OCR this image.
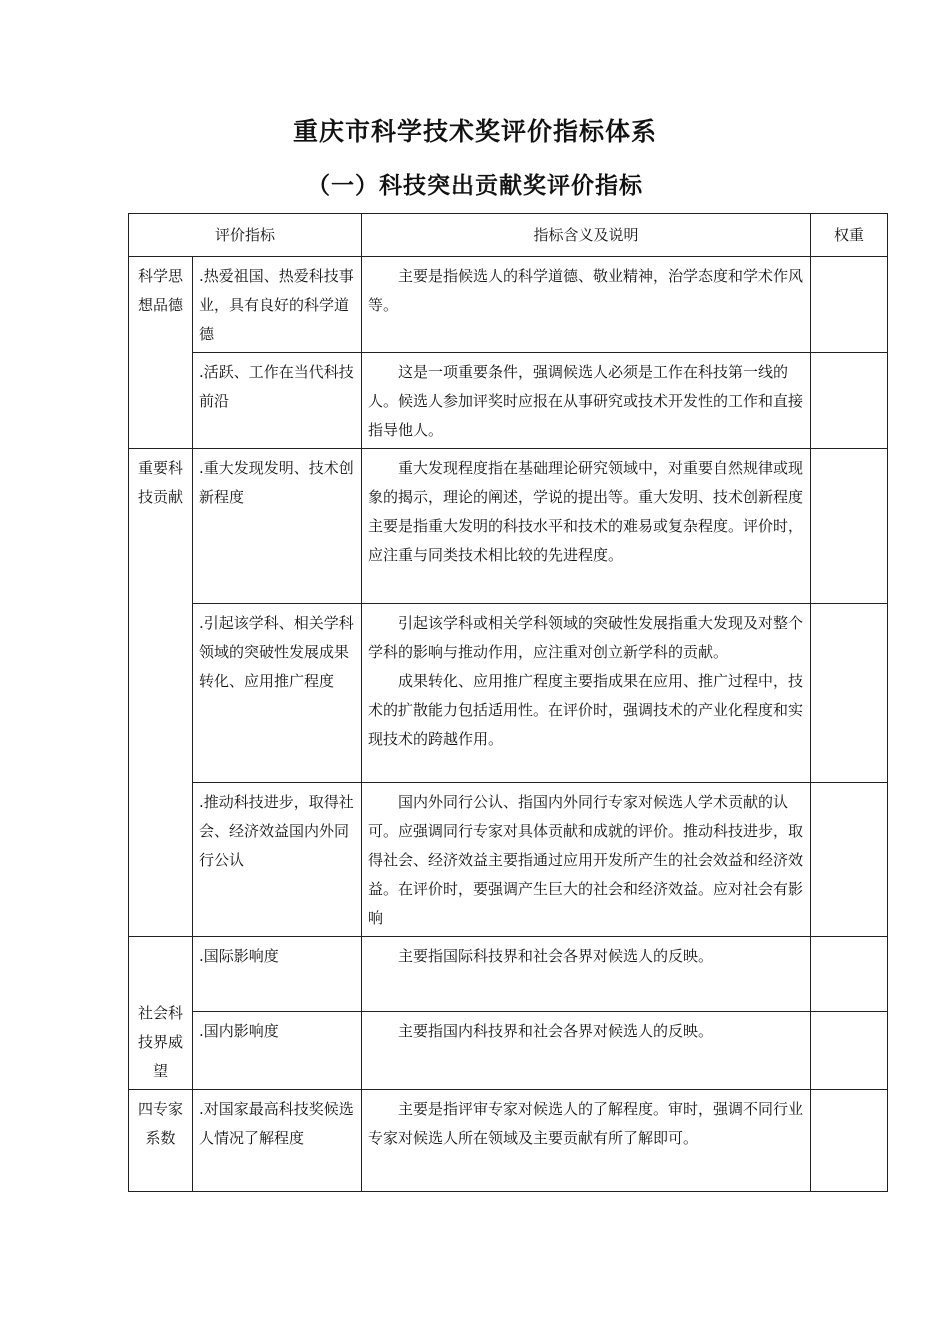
重庆市科学技术奖评价指标体系
（一）科技突出贡献奖评价指标
评价指标		指标含义及说明	权重
科学思想品德	.热爱祖国、热爱科技事业，具有良好的科学道德	主要是指候选人的科学道德、敬业精神，治学态度和学术作风等。	

	.活跃、工作在当代科技前沿	这是一项重要条件，强调候选人必须是工作在科技第一线的人。候选人参加评奖时应报在从事研究或技术开发性的工作和直接指导他人。	

重要科技贡献	.重大发现发明、技术创新程度	重大发现程度指在基础理论研究领域中，对重要自然规律或现象的揭示，理论的阐述，学说的提出等。重大发明、技术创新程度主要是指重大发明的科技水平和技术的难易或复杂程度。评价时，应注重与同类技术相比较的先进程度。	

	.引起该学科、相关学科领域的突破性发展成果转化、应用推广程度	引起该学科或相关学科领域的突破性发展指重大发现及对整个学科的影响与推动作用，应注重对创立新学科的贡献。

成果转化、应用推广程度主要指成果在应用、推广过程中，技术的扩散能力包括适用性。在评价时，强调技术的产业化程度和实现技术的跨越作用。	

	.推动科技进步，取得社会、经济效益国内外同行公认	国内外同行公认、指国内外同行专家对候选人学术贡献的认可。应强调同行专家对具体贡献和成就的评价。推动科技进步，取得社会、经济效益主要指通过应用开发所产生的社会效益和经济效益。在评价时，要强调产生巨大的社会和经济效益。应对社会有影响	

社会科技界威望	.国际影响度	主要指国际科技界和社会各界对候选人的反映。	

	.国内影响度	主要指国内科技界和社会各界对候选人的反映。	

四专家系数	.对国家最高科技奖候选人情况了解程度	主要是指评审专家对候选人的了解程度。审时，强调不同行业专家对候选人所在领域及主要贡献有所了解即可。	
